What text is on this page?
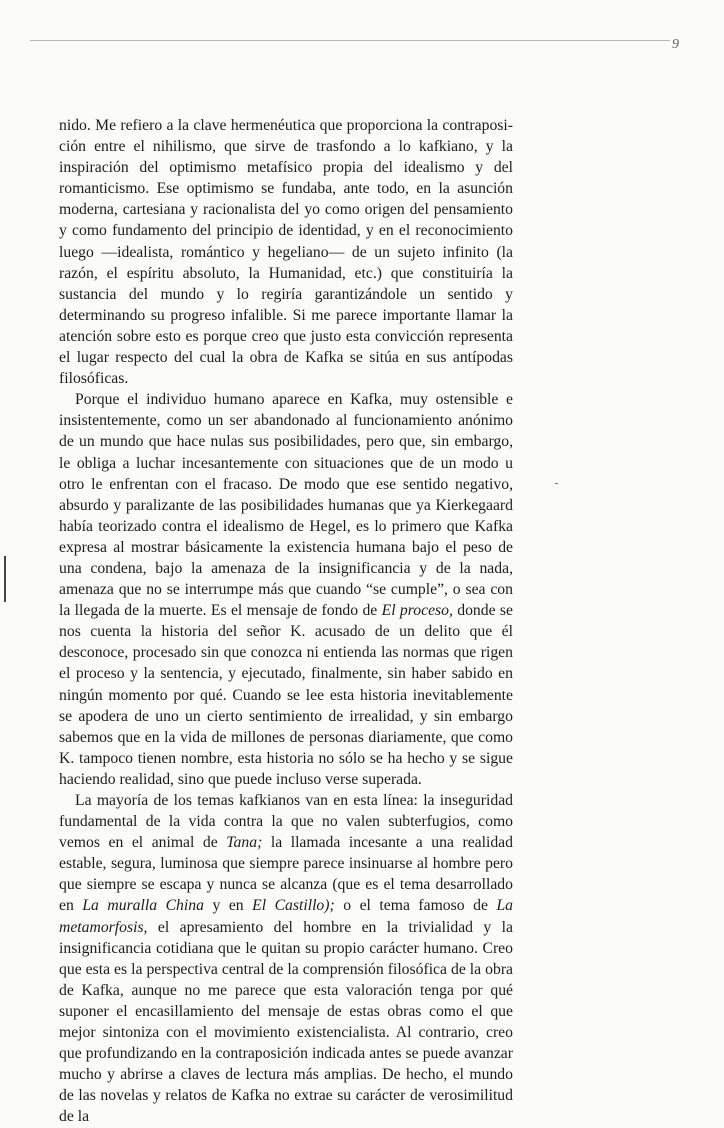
9

nido. Me refiero a la clave hermenéutica que proporciona la contraposición entre el nihilismo, que sirve de trasfondo a lo kafkiano, y la inspiración del optimismo metafísico propia del idealismo y del romanticismo. Ese optimismo se fundaba, ante todo, en la asunción moderna, cartesiana y racionalista del yo como origen del pensamiento y como fundamento del principio de identidad, y en el reconocimiento luego —idealista, romántico y hegeliano— de un sujeto infinito (la razón, el espíritu absoluto, la Humanidad, etc.) que constituiría la sustancia del mundo y lo regiría garantizándole un sentido y determinando su progreso infalible. Si me parece importante llamar la atención sobre esto es porque creo que justo esta convicción representa el lugar respecto del cual la obra de Kafka se sitúa en sus antípodas filosóficas.

Porque el individuo humano aparece en Kafka, muy ostensible e insistentemente, como un ser abandonado al funcionamiento anónimo de un mundo que hace nulas sus posibilidades, pero que, sin embargo, le obliga a luchar incesantemente con situaciones que de un modo u otro le enfrentan con el fracaso. De modo que ese sentido negativo, absurdo y paralizante de las posibilidades humanas que ya Kierkegaard había teorizado contra el idealismo de Hegel, es lo primero que Kafka expresa al mostrar básicamente la existencia humana bajo el peso de una condena, bajo la amenaza de la insignificancia y de la nada, amenaza que no se interrumpe más que cuando “se cumple”, o sea con la llegada de la muerte. Es el mensaje de fondo de El proceso, donde se nos cuenta la historia del señor K. acusado de un delito que él desconoce, procesado sin que conozca ni entienda las normas que rigen el proceso y la sentencia, y ejecutado, finalmente, sin haber sabido en ningún momento por qué. Cuando se lee esta historia inevitablemente se apodera de uno un cierto sentimiento de irrealidad, y sin embargo sabemos que en la vida de millones de personas diariamente, que como K. tampoco tienen nombre, esta historia no sólo se ha hecho y se sigue haciendo realidad, sino que puede incluso verse superada.

La mayoría de los temas kafkianos van en esta línea: la inseguridad fundamental de la vida contra la que no valen subterfugios, como vemos en el animal de Tana; la llamada incesante a una realidad estable, segura, luminosa que siempre parece insinuarse al hombre pero que siempre se escapa y nunca se alcanza (que es el tema desarrollado en La muralla China y en El Castillo); o el tema famoso de La metamorfosis, el apresamiento del hombre en la trivialidad y la insignificancia cotidiana que le quitan su propio carácter humano. Creo que esta es la perspectiva central de la comprensión filosófica de la obra de Kafka, aunque no me parece que esta valoración tenga por qué suponer el encasillamiento del mensaje de estas obras como el que mejor sintoniza con el movimiento existencialista. Al contrario, creo que profundizando en la contraposición indicada antes se puede avanzar mucho y abrirse a claves de lectura más amplias. De hecho, el mundo de las novelas y relatos de Kafka no extrae su carácter de verosimilitud de la
